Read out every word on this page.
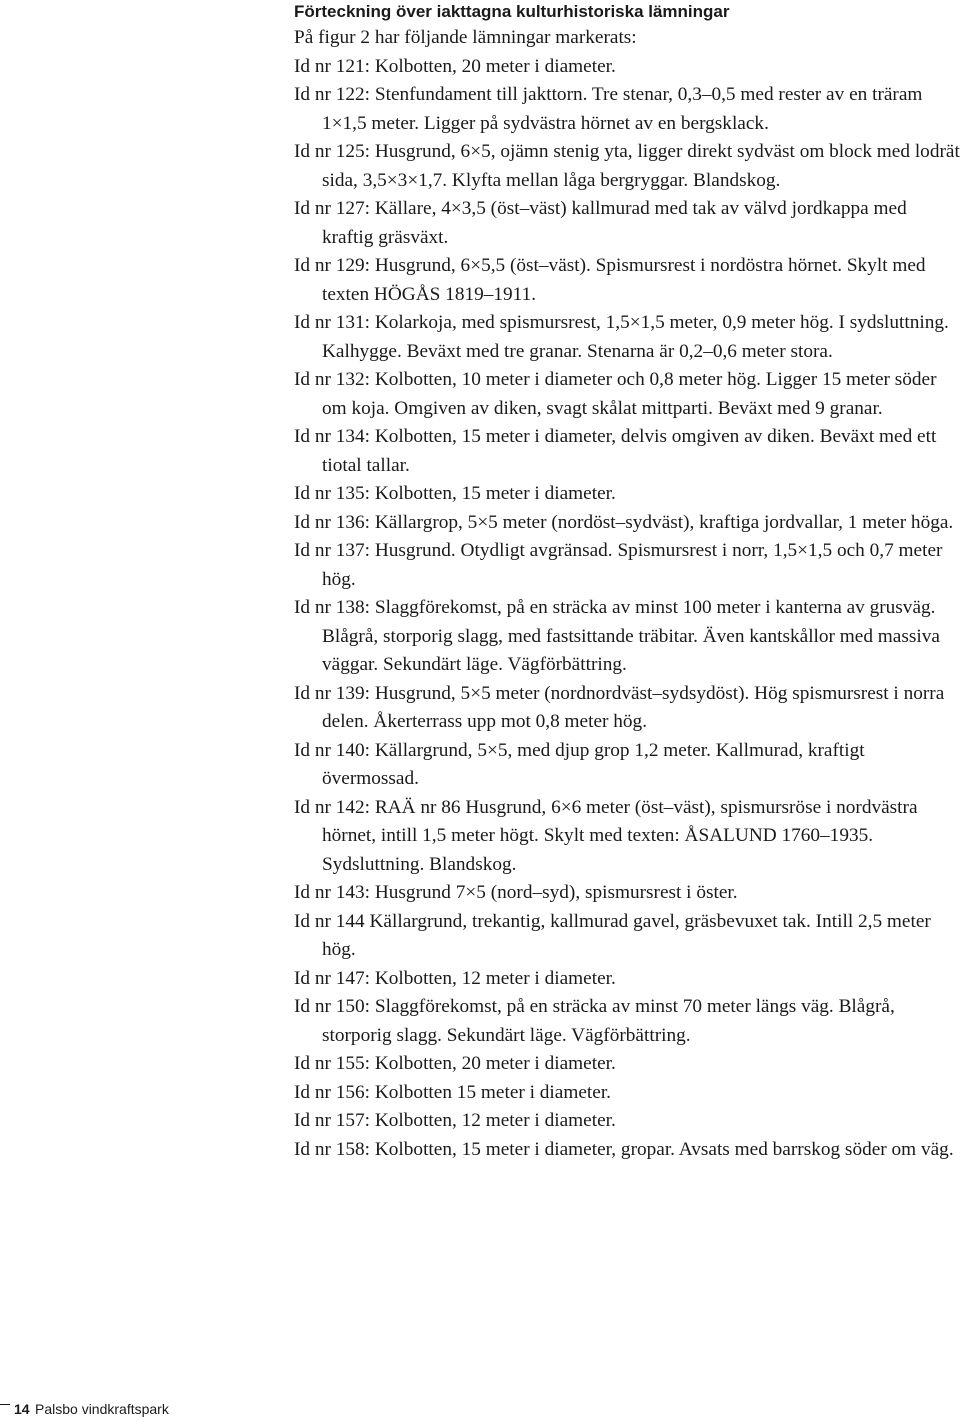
Förteckning över iakttagna kulturhistoriska lämningar

På figur 2 har följande lämningar markerats:

Id nr 121: Kolbotten, 20 meter i diameter.
Id nr 122: Stenfundament till jakttorn. Tre stenar, 0,3–0,5 med rester av en träram 1×1,5 meter. Ligger på sydvästra hörnet av en bergsklack.
Id nr 125: Husgrund, 6×5, ojämn stenig yta, ligger direkt sydväst om block med lodrät sida, 3,5×3×1,7. Klyfta mellan låga bergryggar. Blandskog.
Id nr 127: Källare, 4×3,5 (öst–väst) kallmurad med tak av välvd jordkappa med kraftig gräsväxt.
Id nr 129: Husgrund, 6×5,5 (öst–väst). Spismursrest i nordöstra hörnet. Skylt med texten HÖGÅS 1819–1911.
Id nr 131: Kolarkoja, med spismursrest, 1,5×1,5 meter, 0,9 meter hög. I sydsluttning. Kalhygge. Beväxt med tre granar. Stenarna är 0,2–0,6 meter stora.
Id nr 132: Kolbotten, 10 meter i diameter och 0,8 meter hög. Ligger 15 meter söder om koja. Omgiven av diken, svagt skålat mittparti. Beväxt med 9 granar.
Id nr 134: Kolbotten, 15 meter i diameter, delvis omgiven av diken. Beväxt med ett tiotal tallar.
Id nr 135: Kolbotten, 15 meter i diameter.
Id nr 136: Källargrop, 5×5 meter (nordöst–sydväst), kraftiga jordvallar, 1 meter höga.
Id nr 137: Husgrund. Otydligt avgränsad. Spismursrest i norr, 1,5×1,5 och 0,7 meter hög.
Id nr 138: Slaggförekomst, på en sträcka av minst 100 meter i kanterna av grusväg. Blågrå, storporig slagg, med fastsittande träbitar. Även kantskållor med massiva väggar. Sekundärt läge. Vägförbättring.
Id nr 139: Husgrund, 5×5 meter (nordnordväst–sydsydöst). Hög spismursrest i norra delen. Åkerterrass upp mot 0,8 meter hög.
Id nr 140: Källargrund, 5×5, med djup grop 1,2 meter. Kallmurad, kraftigt övermossad.
Id nr 142: RAÄ nr 86 Husgrund, 6×6 meter (öst–väst), spismursröse i nordvästra hörnet, intill 1,5 meter högt. Skylt med texten: ÅSALUND 1760–1935. Sydsluttning. Blandskog.
Id nr 143: Husgrund 7×5 (nord–syd), spismursrest i öster.
Id nr 144 Källargrund, trekantig, kallmurad gavel, gräsbevuxet tak. Intill 2,5 meter hög.
Id nr 147: Kolbotten, 12 meter i diameter.
Id nr 150: Slaggförekomst, på en sträcka av minst 70 meter längs väg. Blågrå, storporig slagg. Sekundärt läge. Vägförbättring.
Id nr 155: Kolbotten, 20 meter i diameter.
Id nr 156: Kolbotten 15 meter i diameter.
Id nr 157: Kolbotten, 12 meter i diameter.
Id nr 158: Kolbotten, 15 meter i diameter, gropar. Avsats med barrskog söder om väg.
14 Palsbo vindkraftspark
